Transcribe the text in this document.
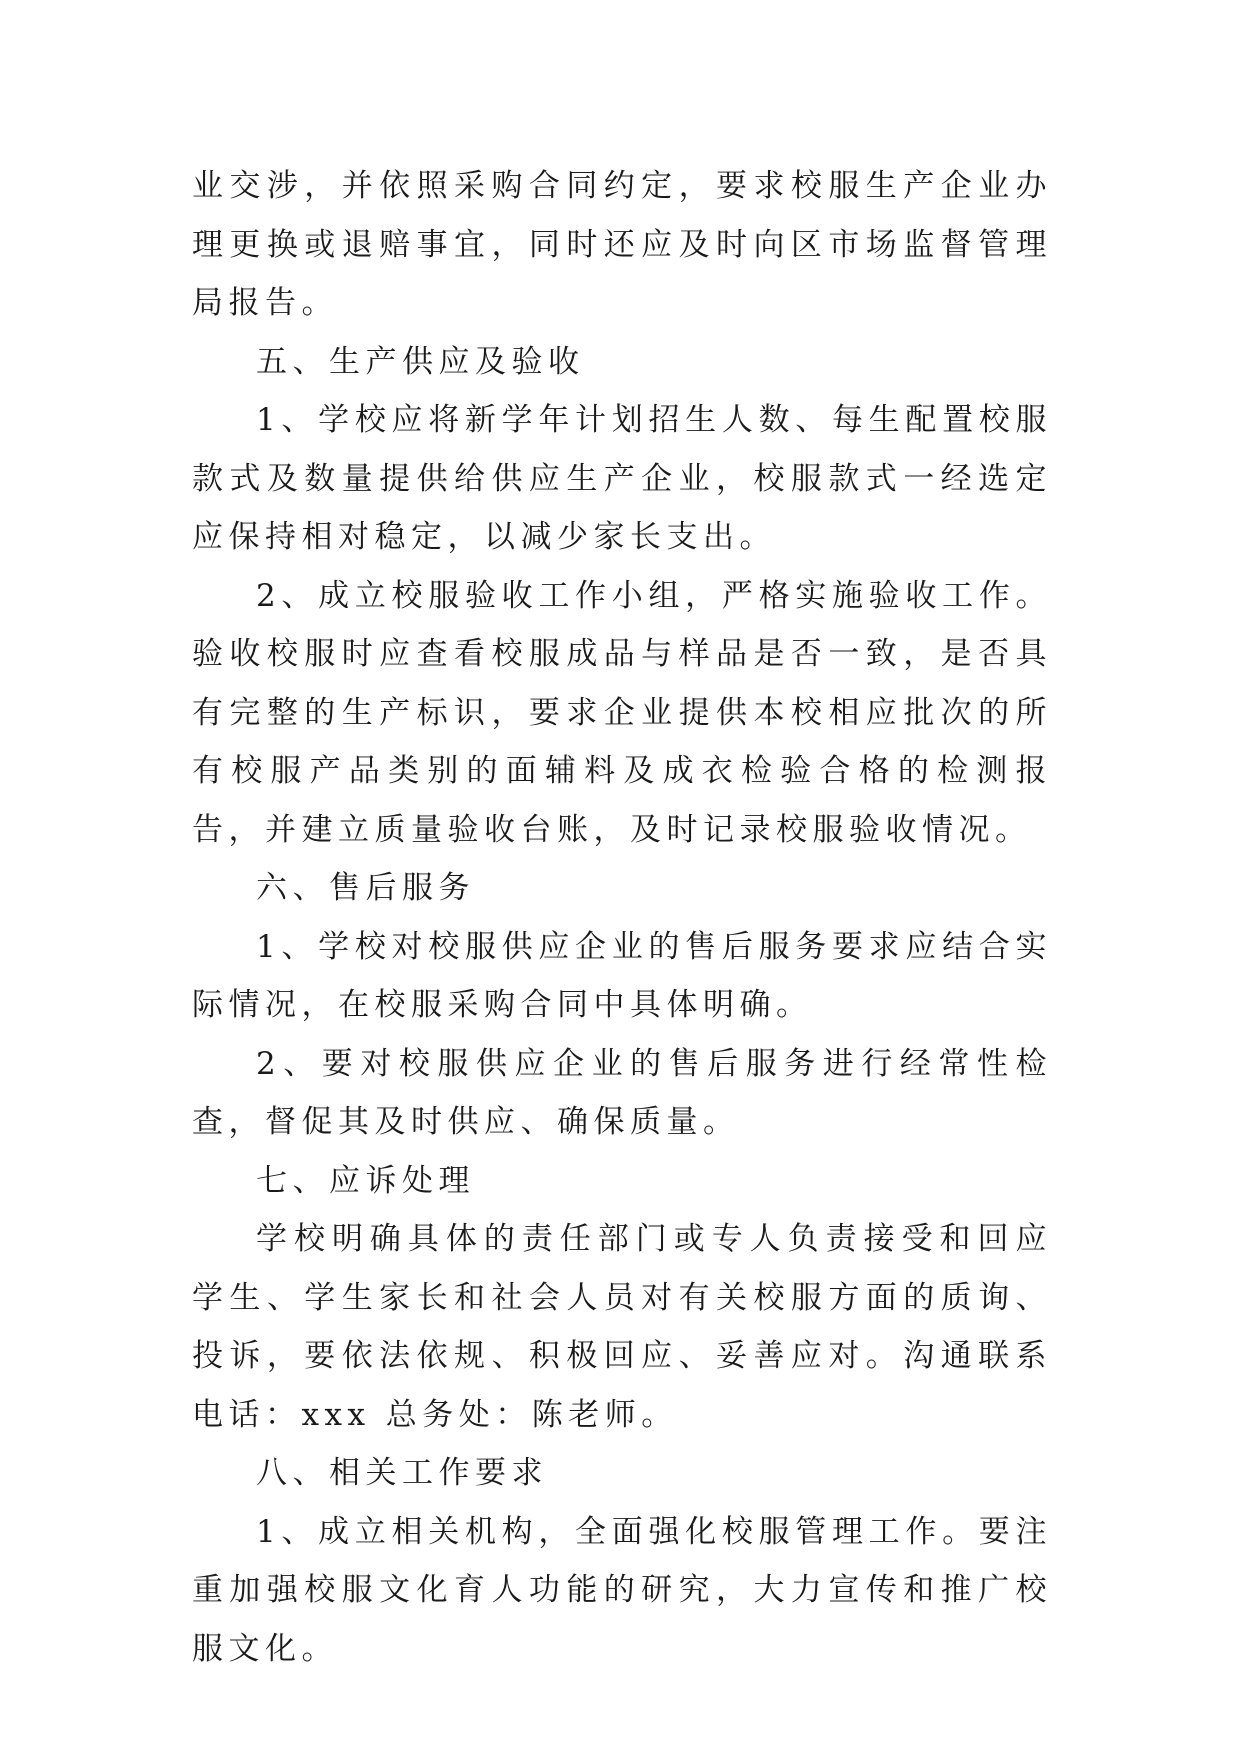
业交涉，并依照采购合同约定，要求校服生产企业办理更换或退赔事宜，同时还应及时向区市场监督管理局报告。

五、生产供应及验收

1、学校应将新学年计划招生人数、每生配置校服款式及数量提供给供应生产企业，校服款式一经选定应保持相对稳定，以减少家长支出。

2、成立校服验收工作小组，严格实施验收工作。验收校服时应查看校服成品与样品是否一致，是否具有完整的生产标识，要求企业提供本校相应批次的所有校服产品类别的面辅料及成衣检验合格的检测报告，并建立质量验收台账，及时记录校服验收情况。

六、售后服务

1、学校对校服供应企业的售后服务要求应结合实际情况，在校服采购合同中具体明确。

2、要对校服供应企业的售后服务进行经常性检查，督促其及时供应、确保质量。

七、应诉处理

学校明确具体的责任部门或专人负责接受和回应学生、学生家长和社会人员对有关校服方面的质询、投诉，要依法依规、积极回应、妥善应对。沟通联系电话：xxx 总务处：陈老师。

八、相关工作要求

1、成立相关机构，全面强化校服管理工作。要注重加强校服文化育人功能的研究，大力宣传和推广校服文化。
